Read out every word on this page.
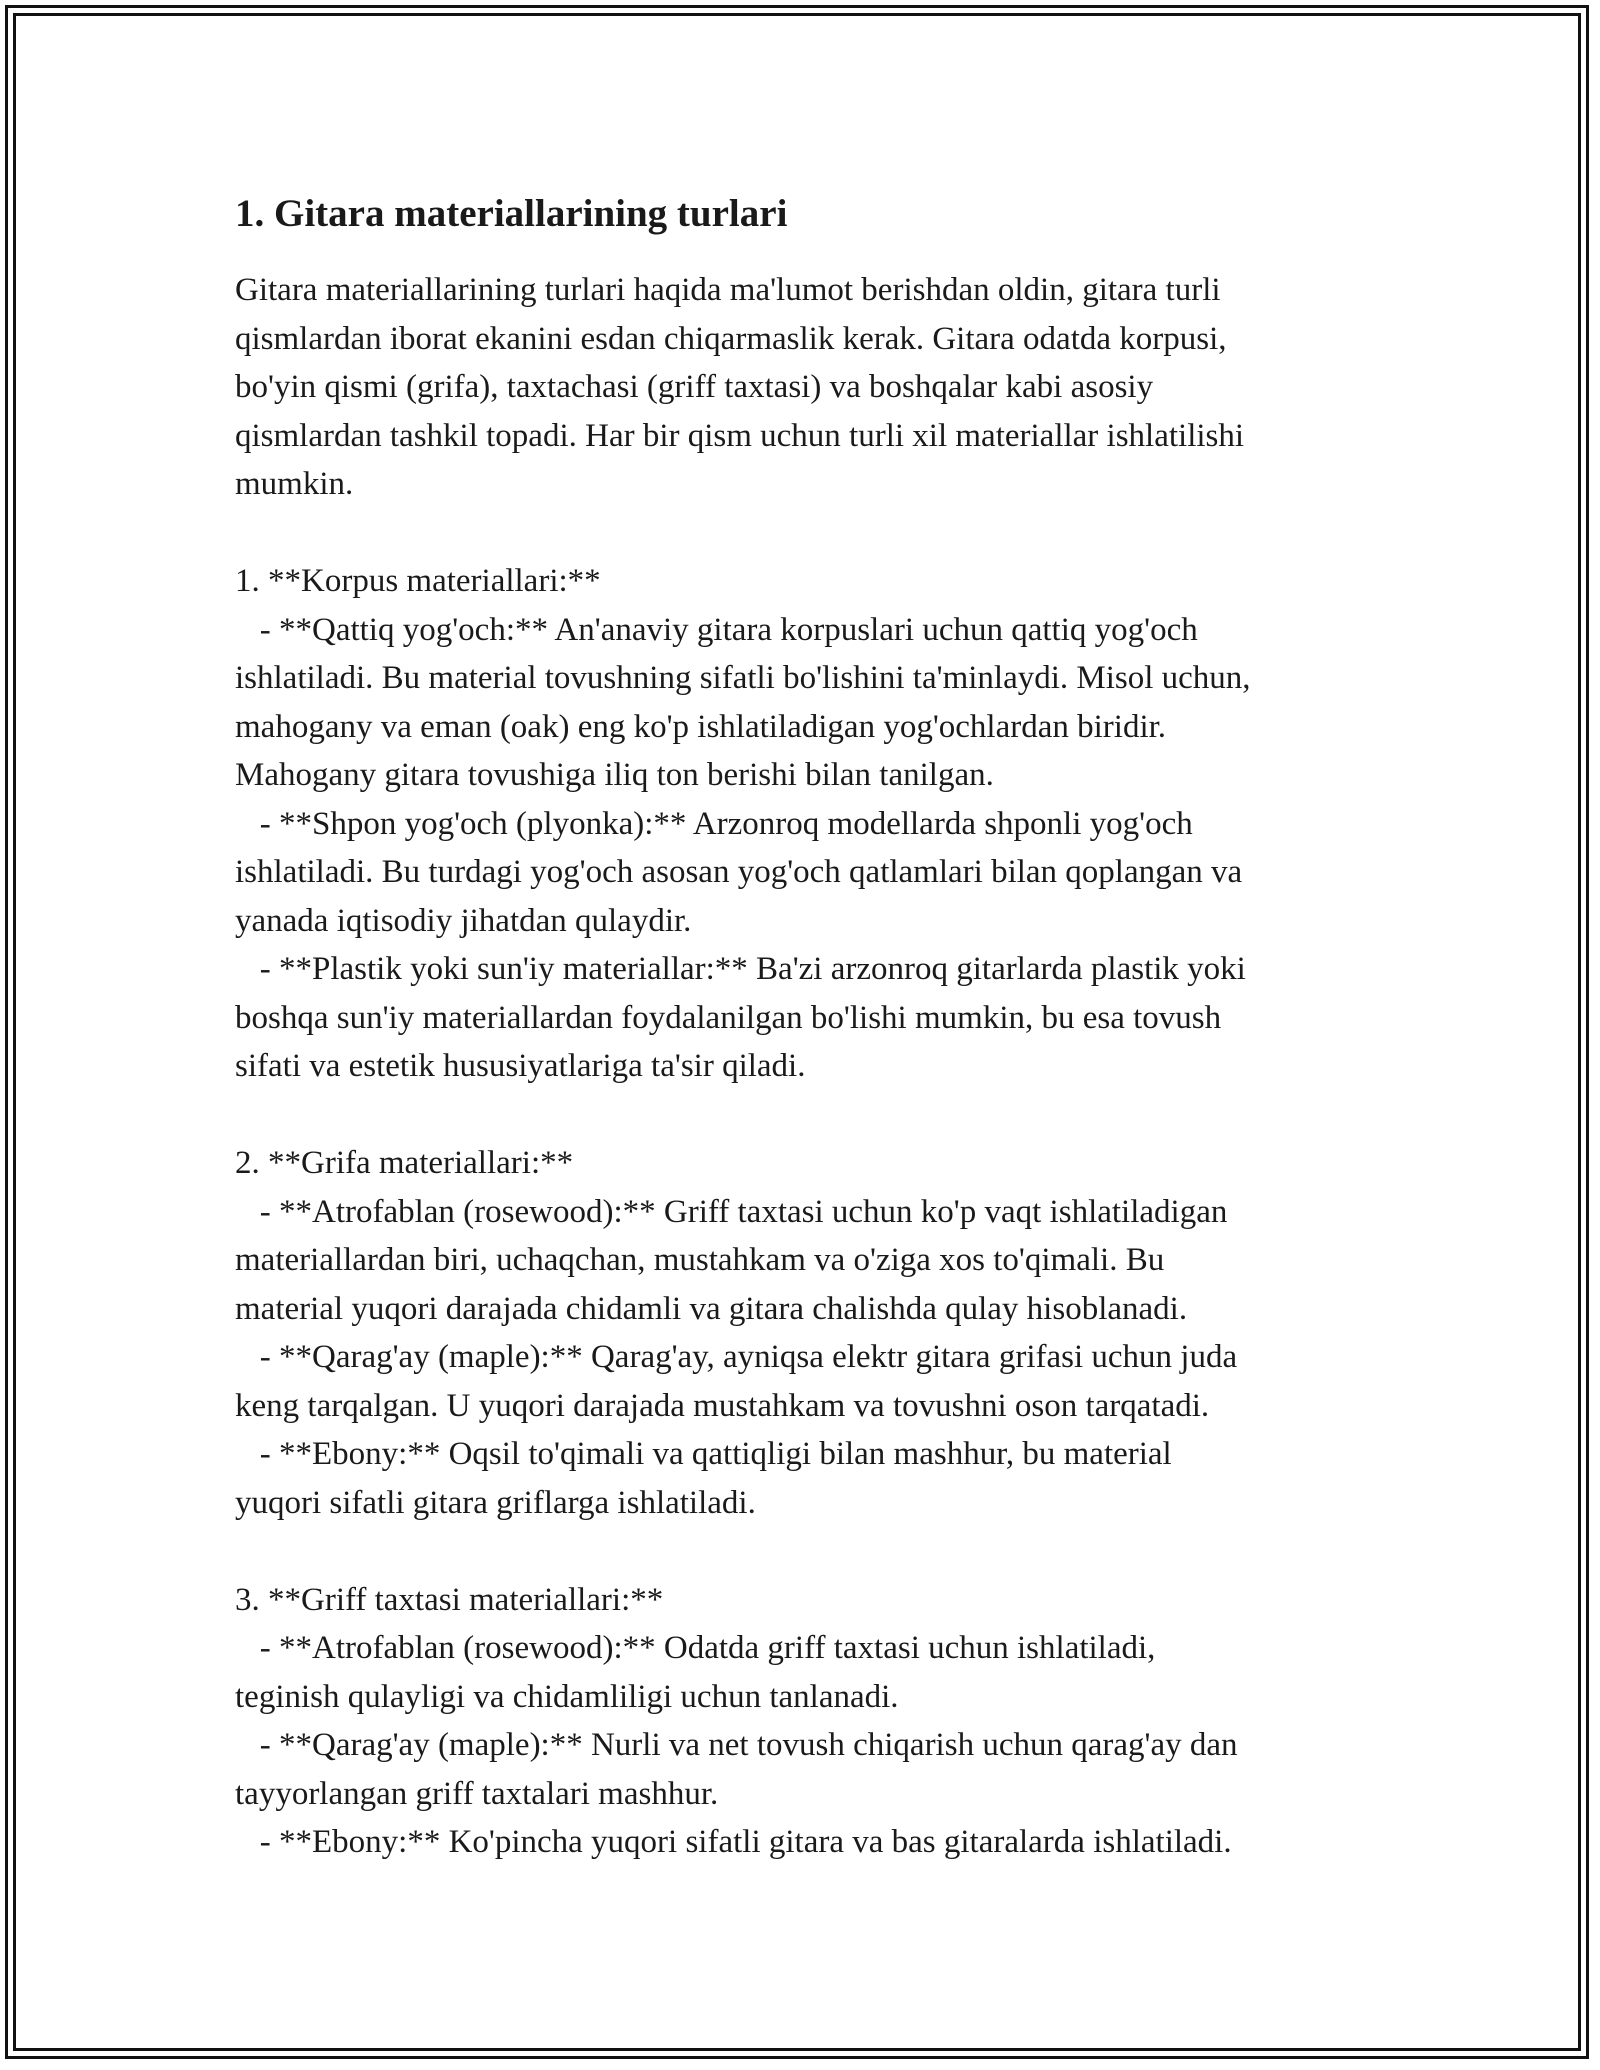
1. Gitara materiallarining turlari

Gitara materiallarining turlari haqida ma'lumot berishdan oldin, gitara turli

qismlardan iborat ekanini esdan chiqarmaslik kerak. Gitara odatda korpusi,

bo'yin qismi (grifa), taxtachasi (griff taxtasi) va boshqalar kabi asosiy

qismlardan tashkil topadi. Har bir qism uchun turli xil materiallar ishlatilishi

mumkin.

1. **Korpus materiallari:**

- **Qattiq yog'och:** An'anaviy gitara korpuslari uchun qattiq yog'och

ishlatiladi. Bu material tovushning sifatli bo'lishini ta'minlaydi. Misol uchun,

mahogany va eman (oak) eng ko'p ishlatiladigan yog'ochlardan biridir.

Mahogany gitara tovushiga iliq ton berishi bilan tanilgan.

- **Shpon yog'och (plyonka):** Arzonroq modellarda shponli yog'och

ishlatiladi. Bu turdagi yog'och asosan yog'och qatlamlari bilan qoplangan va

yanada iqtisodiy jihatdan qulaydir.

- **Plastik yoki sun'iy materiallar:** Ba'zi arzonroq gitarlarda plastik yoki

boshqa sun'iy materiallardan foydalanilgan bo'lishi mumkin, bu esa tovush

sifati va estetik hususiyatlariga ta'sir qiladi.

2. **Grifa materiallari:**

- **Atrofablan (rosewood):** Griff taxtasi uchun ko'p vaqt ishlatiladigan

materiallardan biri, uchaqchan, mustahkam va o'ziga xos to'qimali. Bu

material yuqori darajada chidamli va gitara chalishda qulay hisoblanadi.

- **Qarag'ay (maple):** Qarag'ay, ayniqsa elektr gitara grifasi uchun juda

keng tarqalgan. U yuqori darajada mustahkam va tovushni oson tarqatadi.

- **Ebony:** Oqsil to'qimali va qattiqligi bilan mashhur, bu material

yuqori sifatli gitara griflarga ishlatiladi.

3. **Griff taxtasi materiallari:**

- **Atrofablan (rosewood):** Odatda griff taxtasi uchun ishlatiladi,

teginish qulayligi va chidamliligi uchun tanlanadi.

- **Qarag'ay (maple):** Nurli va net tovush chiqarish uchun qarag'ay dan

tayyorlangan griff taxtalari mashhur.

- **Ebony:** Ko'pincha yuqori sifatli gitara va bas gitaralarda ishlatiladi.
